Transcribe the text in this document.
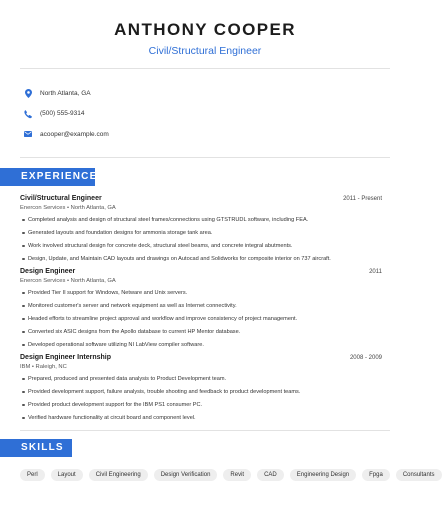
ANTHONY COOPER
Civil/Structural Engineer
North Atlanta, GA
(500) 555-9314
acooper@example.com
EXPERIENCE
Civil/Structural Engineer	2011 - Present
Enercon Services • North Atlanta, GA
Completed analysis and design of structural steel frames/connections using GTSTRUDL software, including FEA.
Generated layouts and foundation designs for ammonia storage tank area.
Work involved structural design for concrete deck, structural steel beams, and concrete integral abutments.
Design, Update, and Maintain CAD layouts and drawings on Autocad and Solidworks for composite interior on 737 aircraft.
Design Engineer	2011
Enercon Services • North Atlanta, GA
Provided Tier II support for Windows, Netware and Unix servers.
Monitored customer's server and network equipment as well as Internet connectivity.
Headed efforts to streamline project approval and workflow and improve consistency of project management.
Converted six ASIC designs from the Apollo database to current HP Mentor database.
Developed operational software utilizing NI LabView compiler software.
Design Engineer Internship	2008 - 2009
IBM • Raleigh, NC
Prepared, produced and presented data analysis to Product Development team.
Provided development support, failure analysis, trouble shooting and feedback to product development teams.
Provided product development support for the IBM PS1 consumer PC.
Verified hardware functionality at circuit board and component level.
SKILLS
Perl	Layout	Civil Engineering	Design Verification	Revit	CAD	Engineering Design	Fpga	Consultants
